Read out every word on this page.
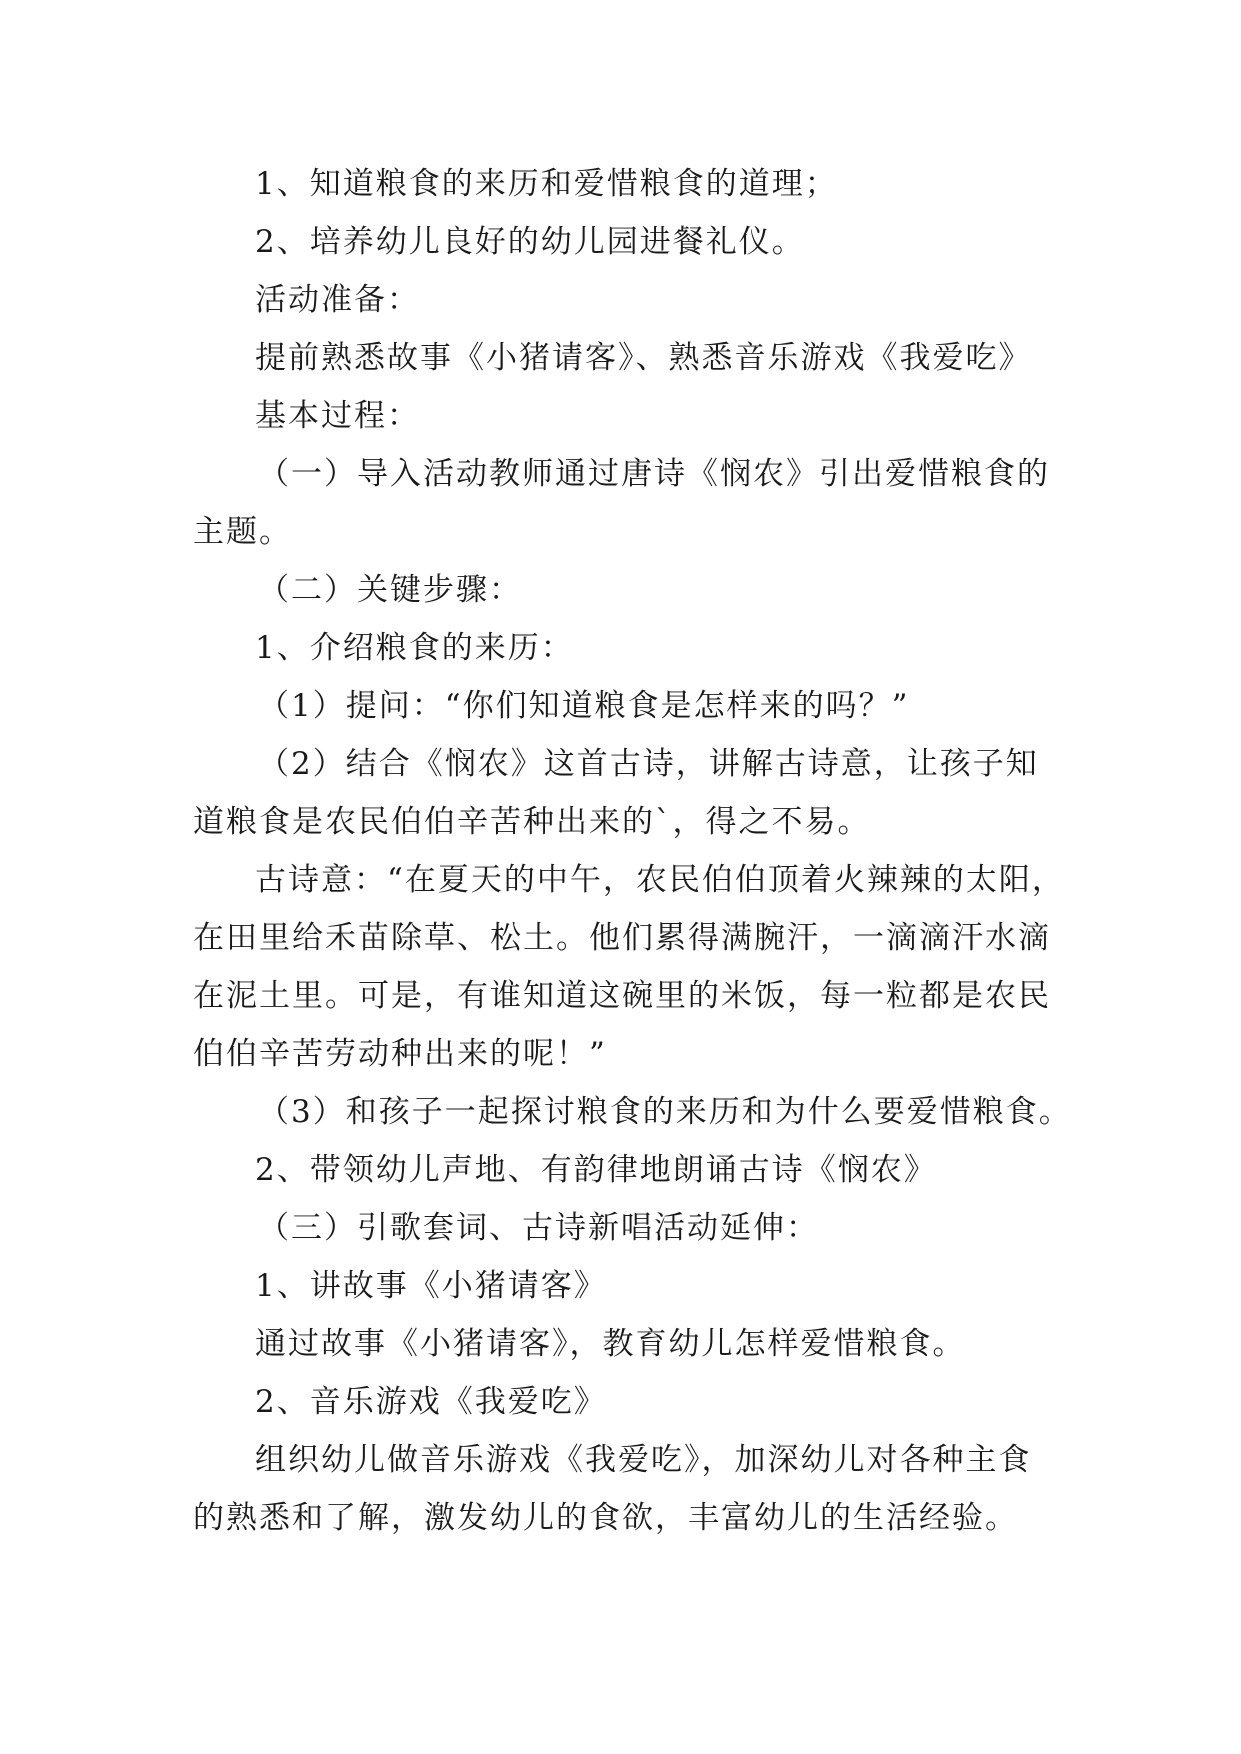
1、知道粮食的来历和爱惜粮食的道理；
2、培养幼儿良好的幼儿园进餐礼仪。
活动准备：
提前熟悉故事《小猪请客》、熟悉音乐游戏《我爱吃》
基本过程：
（一）导入活动教师通过唐诗《悯农》引出爱惜粮食的
主题。
（二）关键步骤：
1、介绍粮食的来历：
（1）提问：“你们知道粮食是怎样来的吗？”
（2）结合《悯农》这首古诗，讲解古诗意，让孩子知
道粮食是农民伯伯辛苦种出来的`，得之不易。
古诗意：“在夏天的中午，农民伯伯顶着火辣辣的太阳，
在田里给禾苗除草、松土。他们累得满腕汗，一滴滴汗水滴
在泥土里。可是，有谁知道这碗里的米饭，每一粒都是农民
伯伯辛苦劳动种出来的呢！”
（3）和孩子一起探讨粮食的来历和为什么要爱惜粮食。
2、带领幼儿声地、有韵律地朗诵古诗《悯农》
（三）引歌套词、古诗新唱活动延伸：
1、讲故事《小猪请客》
通过故事《小猪请客》，教育幼儿怎样爱惜粮食。
2、音乐游戏《我爱吃》
组织幼儿做音乐游戏《我爱吃》，加深幼儿对各种主食
的熟悉和了解，激发幼儿的食欲，丰富幼儿的生活经验。
